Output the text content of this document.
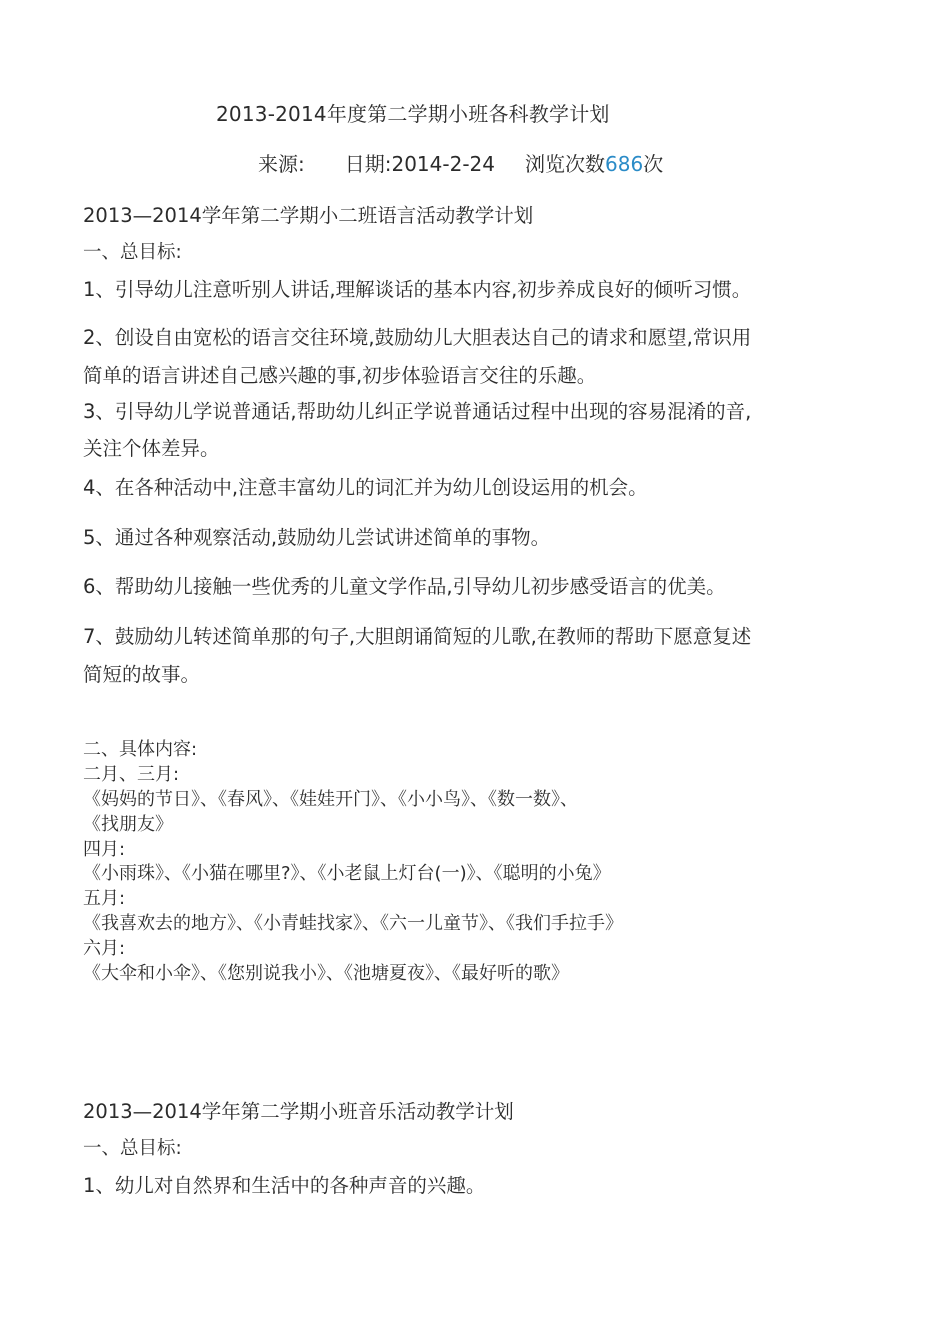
2013-2014年度第二学期小班各科教学计划
来源: 日期:2014-2-24 浏览次数686次
2013—2014学年第二学期小二班语言活动教学计划
一、总目标:
1、引导幼儿注意听别人讲话,理解谈话的基本内容,初步养成良好的倾听习惯。
2、创设自由宽松的语言交往环境,鼓励幼儿大胆表达自己的请求和愿望,常识用
简单的语言讲述自己感兴趣的事,初步体验语言交往的乐趣。
3、引导幼儿学说普通话,帮助幼儿纠正学说普通话过程中出现的容易混淆的音,
关注个体差异。
4、在各种活动中,注意丰富幼儿的词汇并为幼儿创设运用的机会。
5、通过各种观察活动,鼓励幼儿尝试讲述简单的事物。
6、帮助幼儿接触一些优秀的儿童文学作品,引导幼儿初步感受语言的优美。
7、鼓励幼儿转述简单那的句子,大胆朗诵简短的儿歌,在教师的帮助下愿意复述
简短的故事。
二、具体内容:
二月、三月:
《妈妈的节日》、《春风》、《娃娃开门》、《小小鸟》、《数一数》、
《找朋友》
四月:
《小雨珠》、《小猫在哪里?》、《小老鼠上灯台(一)》、《聪明的小兔》
五月:
《我喜欢去的地方》、《小青蛙找家》、《六一儿童节》、《我们手拉手》
六月:
《大伞和小伞》、《您别说我小》、《池塘夏夜》、《最好听的歌》
2013—2014学年第二学期小班音乐活动教学计划
一、总目标:
1、幼儿对自然界和生活中的各种声音的兴趣。
